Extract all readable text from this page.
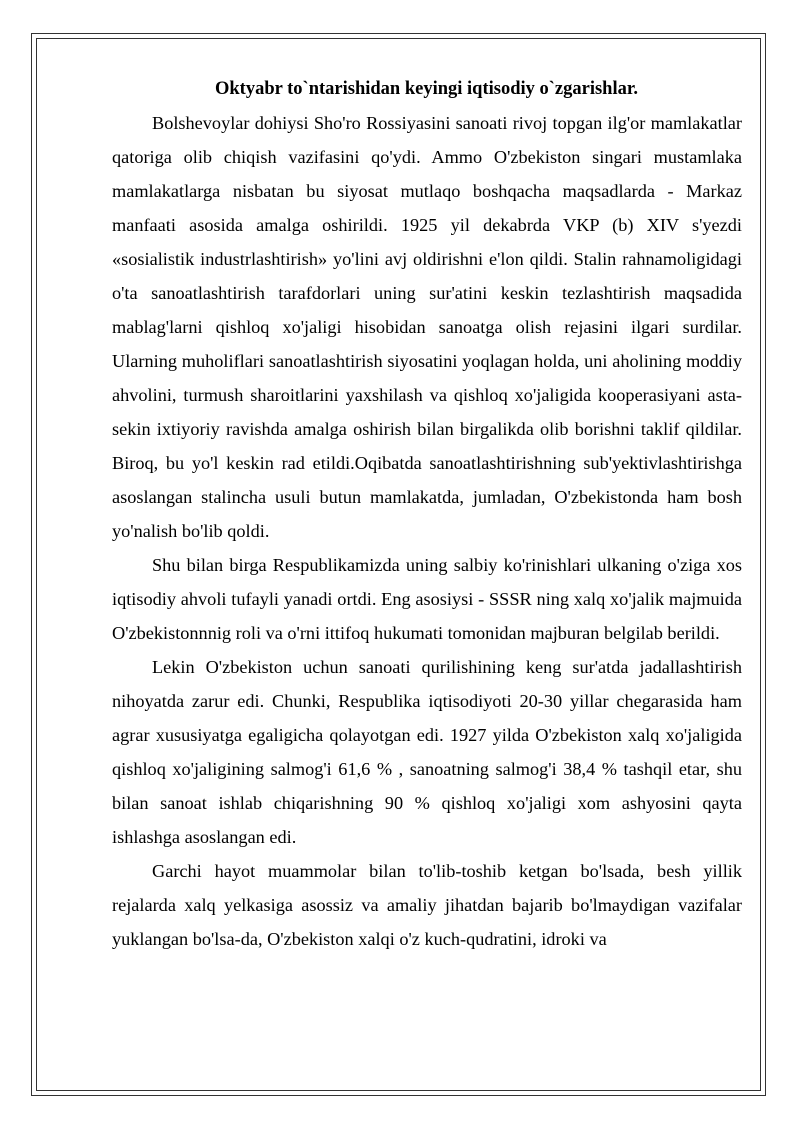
Oktyabr to`ntarishidan keyingi iqtisodiy o`zgarishlar.

Bolshevoylar dohiysi Sho'ro Rossiyasini sanoati rivoj topgan ilg'or mamlakatlar qatoriga olib chiqish vazifasini qo'ydi. Ammo O'zbekiston singari mustamlaka mamlakatlarga nisbatan bu siyosat mutlaqo boshqacha maqsadlarda - Markaz manfaati asosida amalga oshirildi. 1925 yil dekabrda VKP (b) XIV s'yezdi «sosialistik industrlashtirish» yo'lini avj oldirishni e'lon qildi. Stalin rahnamoligidagi o'ta sanoatlashtirish tarafdorlari uning sur'atini keskin tezlashtirish maqsadida mablag'larni qishloq xo'jaligi hisobidan sanoatga olish rejasini ilgari surdilar. Ularning muholiflari sanoatlashtirish siyosatini yoqlagan holda, uni aholining moddiy ahvolini, turmush sharoitlarini yaxshilash va qishloq xo'jaligida kooperasiyani asta-sekin ixtiyoriy ravishda amalga oshirish bilan birgalikda olib borishni taklif qildilar. Biroq, bu yo'l keskin rad etildi.Oqibatda sanoatlashtirishning sub'yektivlashtirishga asoslangan stalincha usuli butun mamlakatda, jumladan, O'zbekistonda ham bosh yo'nalish bo'lib qoldi.

Shu bilan birga Respublikamizda uning salbiy ko'rinishlari ulkaning o'ziga xos iqtisodiy ahvoli tufayli yanadi ortdi. Eng asosiysi - SSSR ning xalq xo'jalik majmuida O'zbekistonnnig roli va o'rni ittifoq hukumati tomonidan majburan belgilab berildi.

Lekin O'zbekiston uchun sanoati qurilishining keng sur'atda jadallashtirish nihoyatda zarur edi. Chunki, Respublika iqtisodiyoti 20-30 yillar chegarasida ham agrar xususiyatga egaligicha qolayotgan edi. 1927 yilda O'zbekiston xalq xo'jaligida qishloq xo'jaligining salmog'i 61,6 % , sanoatning salmog'i 38,4 % tashqil etar, shu bilan sanoat ishlab chiqarishning 90 % qishloq xo'jaligi xom ashyosini qayta ishlashga asoslangan edi.

Garchi hayot muammolar bilan to'lib-toshib ketgan bo'lsada, besh yillik rejalarda xalq yelkasiga asossiz va amaliy jihatdan bajarib bo'lmaydigan vazifalar yuklangan bo'lsa-da, O'zbekiston xalqi o'z kuch-qudratini, idroki va
